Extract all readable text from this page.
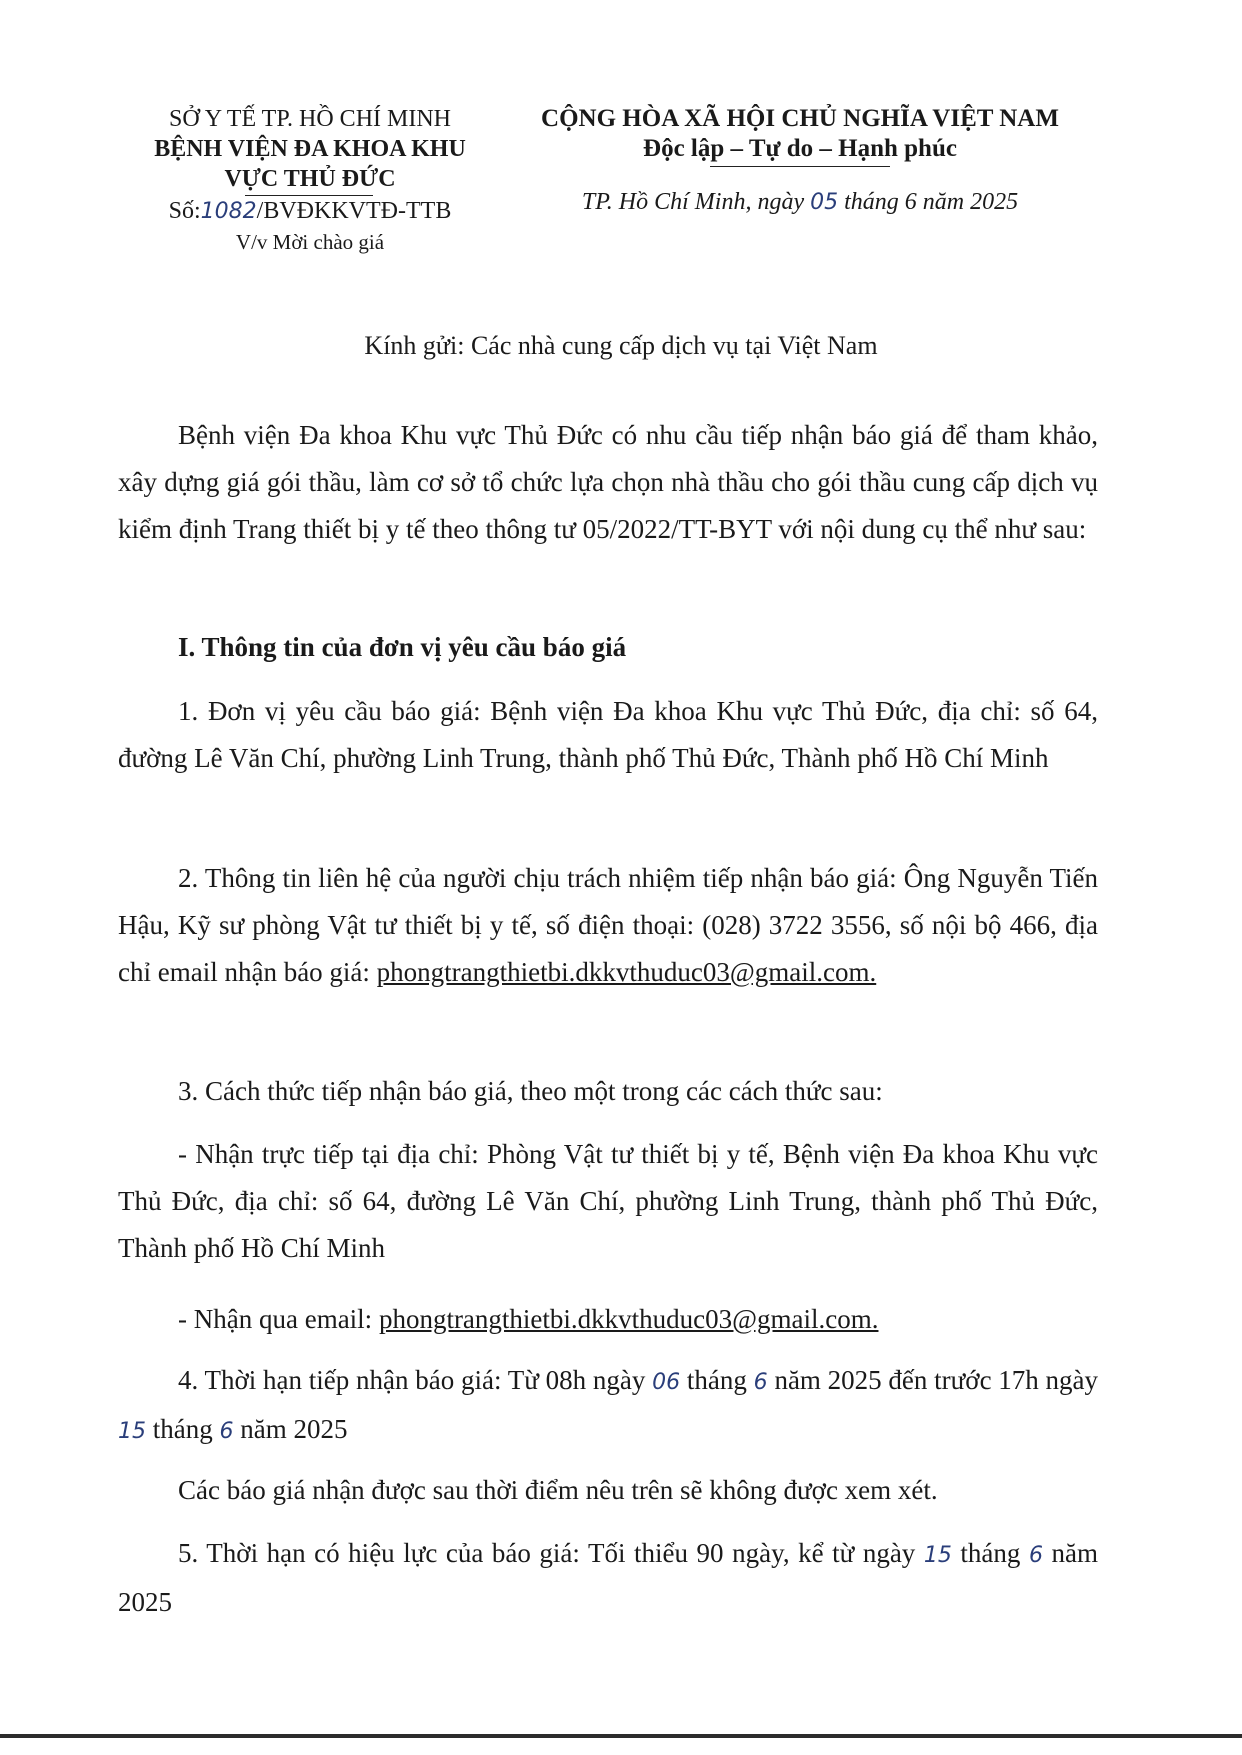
SỞ Y TẾ TP. HỒ CHÍ MINH
BỆNH VIỆN ĐA KHOA KHU
VỰC THỦ ĐỨC
Số:1082/BVĐKKVTĐ-TTB
V/v Mời chào giá
CỘNG HÒA XÃ HỘI CHỦ NGHĨA VIỆT NAM
Độc lập – Tự do – Hạnh phúc
TP. Hồ Chí Minh, ngày 05 tháng 6 năm 2025
Kính gửi: Các nhà cung cấp dịch vụ tại Việt Nam
Bệnh viện Đa khoa Khu vực Thủ Đức có nhu cầu tiếp nhận báo giá để tham khảo, xây dựng giá gói thầu, làm cơ sở tổ chức lựa chọn nhà thầu cho gói thầu cung cấp dịch vụ kiểm định Trang thiết bị y tế theo thông tư 05/2022/TT-BYT với nội dung cụ thể như sau:
I. Thông tin của đơn vị yêu cầu báo giá
1. Đơn vị yêu cầu báo giá: Bệnh viện Đa khoa Khu vực Thủ Đức, địa chỉ: số 64, đường Lê Văn Chí, phường Linh Trung, thành phố Thủ Đức, Thành phố Hồ Chí Minh
2. Thông tin liên hệ của người chịu trách nhiệm tiếp nhận báo giá: Ông Nguyễn Tiến Hậu, Kỹ sư phòng Vật tư thiết bị y tế, số điện thoại: (028) 3722 3556, số nội bộ 466, địa chỉ email nhận báo giá: phongtrangthietbi.dkkvthuduc03@gmail.com.
3. Cách thức tiếp nhận báo giá, theo một trong các cách thức sau:
- Nhận trực tiếp tại địa chỉ: Phòng Vật tư thiết bị y tế, Bệnh viện Đa khoa Khu vực Thủ Đức, địa chỉ: số 64, đường Lê Văn Chí, phường Linh Trung, thành phố Thủ Đức, Thành phố Hồ Chí Minh
- Nhận qua email: phongtrangthietbi.dkkvthuduc03@gmail.com.
4. Thời hạn tiếp nhận báo giá: Từ 08h ngày 06 tháng 6 năm 2025 đến trước 17h ngày 15 tháng 6 năm 2025
Các báo giá nhận được sau thời điểm nêu trên sẽ không được xem xét.
5. Thời hạn có hiệu lực của báo giá: Tối thiểu 90 ngày, kể từ ngày 15 tháng 6 năm 2025
